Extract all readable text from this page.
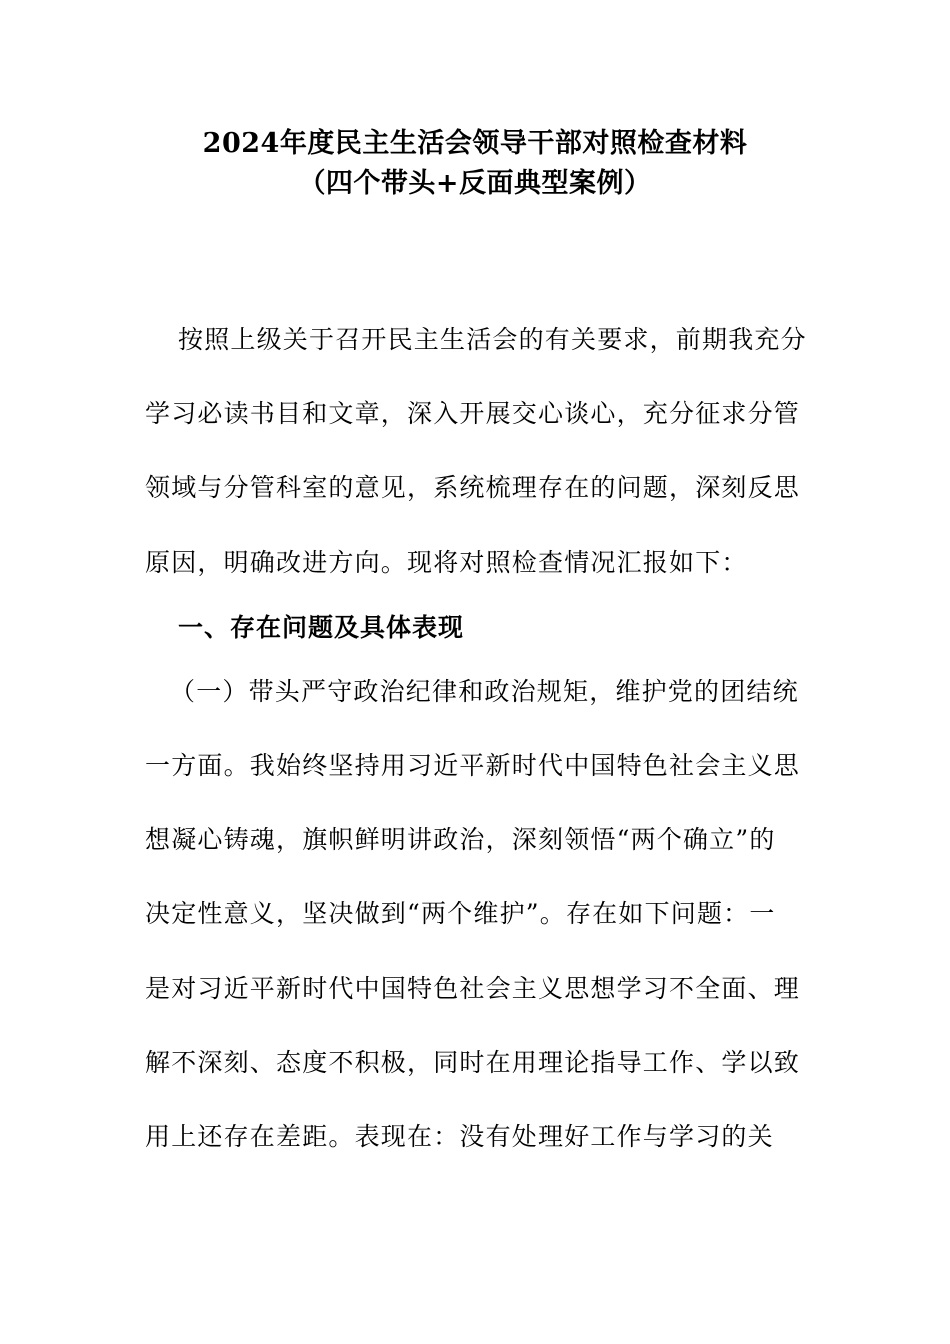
2024年度民主生活会领导干部对照检查材料
（四个带头+反面典型案例）
按照上级关于召开民主生活会的有关要求，前期我充分
学习必读书目和文章，深入开展交心谈心，充分征求分管
领域与分管科室的意见，系统梳理存在的问题，深刻反思
原因，明确改进方向。现将对照检查情况汇报如下：
一、存在问题及具体表现
（一）带头严守政治纪律和政治规矩，维护党的团结统
一方面。我始终坚持用习近平新时代中国特色社会主义思
想凝心铸魂，旗帜鲜明讲政治，深刻领悟“两个确立”的
决定性意义，坚决做到“两个维护”。存在如下问题：一
是对习近平新时代中国特色社会主义思想学习不全面、理
解不深刻、态度不积极，同时在用理论指导工作、学以致
用上还存在差距。表现在：没有处理好工作与学习的关
